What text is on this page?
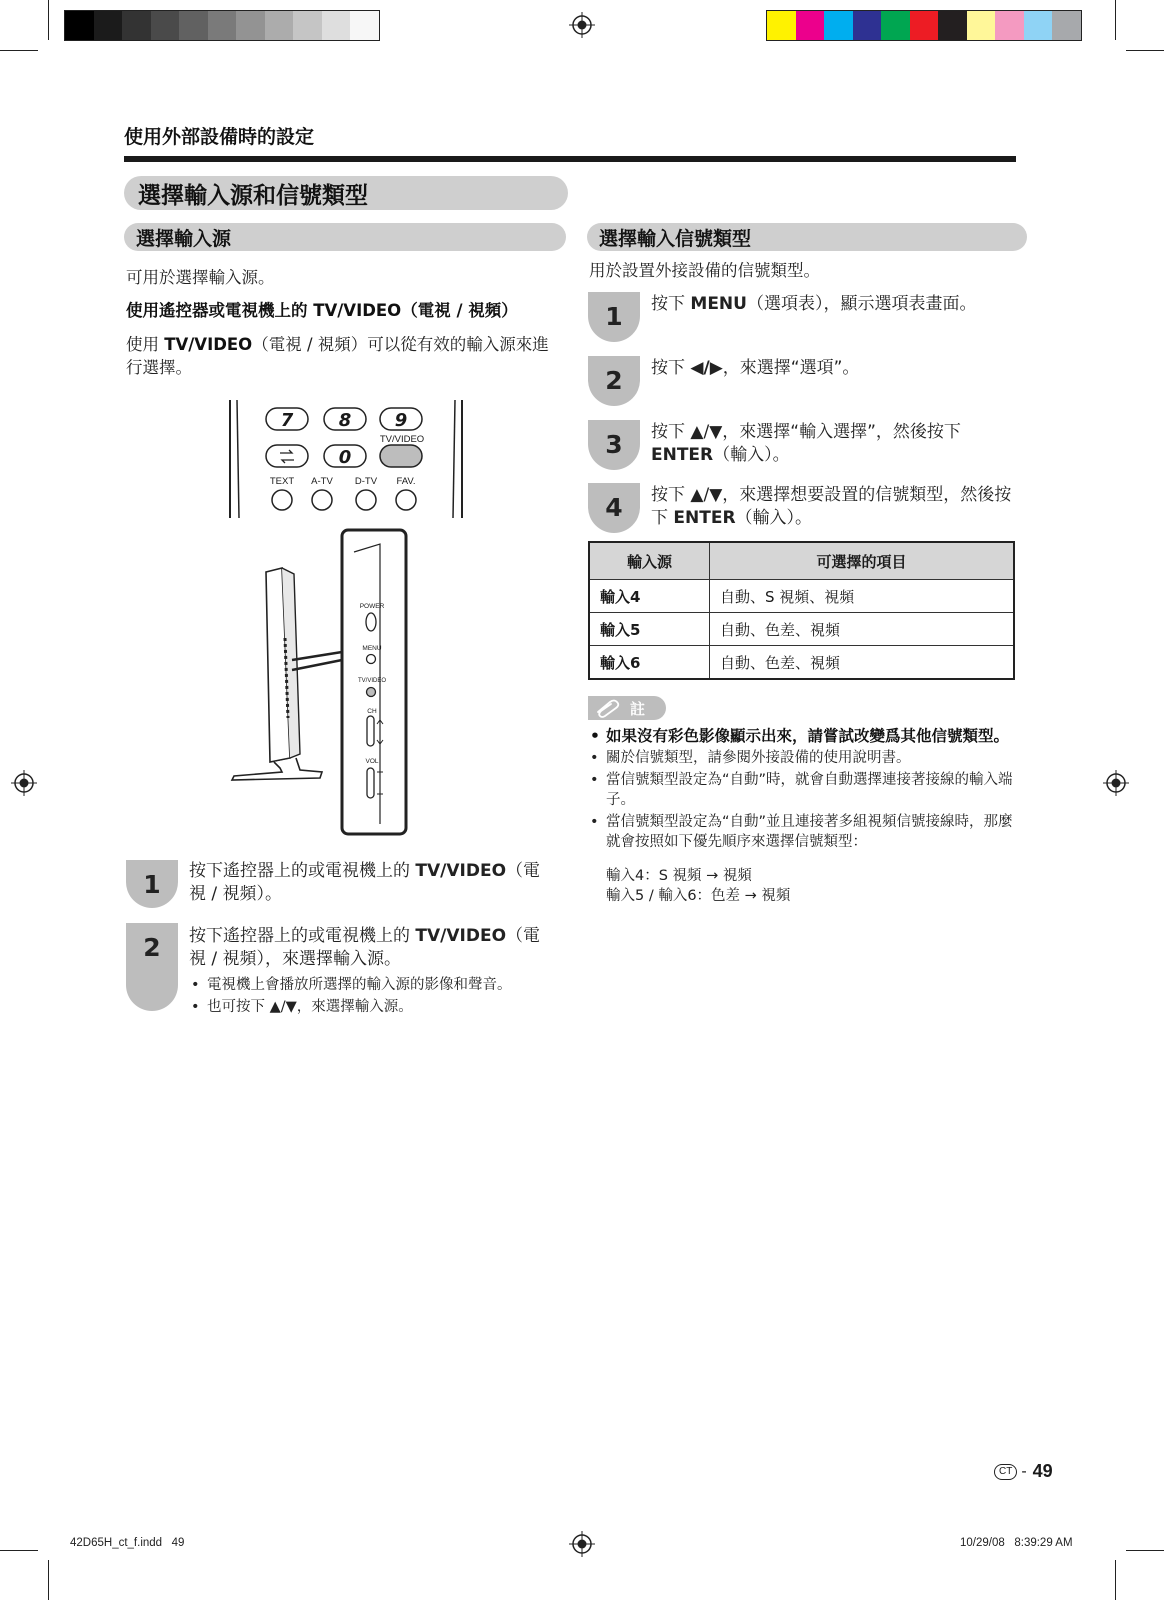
使用外部設備時的設定
選擇輸入源和信號類型
選擇輸入源
可用於選擇輸入源。
使用遙控器或電視機上的 TV/VIDEO（電視 / 視頻）
使用 TV/VIDEO（電視 / 視頻）可以從有效的輸入源來進行選擇。
7	8	9
0
TV/VIDEO
TEXT	A-TV	D-TV	FAV.
POWER
MENU
TV/VIDEO
CH
VOL
1 按下遙控器上的或電視機上的 TV/VIDEO（電視 / 視頻）。
2 按下遙控器上的或電視機上的 TV/VIDEO（電視 / 視頻），來選擇輸入源。
• 電視機上會播放所選擇的輸入源的影像和聲音。
• 也可按下 ▲/▼，來選擇輸入源。
選擇輸入信號類型
用於設置外接設備的信號類型。
1 按下 MENU（選項表），顯示選項表畫面。
2 按下 ◀/▶，來選擇“選項”。
3 按下 ▲/▼，來選擇“輸入選擇”，然後按下 ENTER（輸入）。
4 按下 ▲/▼，來選擇想要設置的信號類型，然後按下 ENTER（輸入）。
輸入源	可選擇的項目
輸入4	自動、S 視頻、視頻
輸入5	自動、色差、視頻
輸入6	自動、色差、視頻
註
• 如果沒有彩色影像顯示出來，請嘗試改變爲其他信號類型。
• 關於信號類型，請參閱外接設備的使用說明書。
• 當信號類型設定為“自動”時，就會自動選擇連接著接線的輸入端子。
• 當信號類型設定為“自動”並且連接著多組視頻信號接線時，那麼就會按照如下優先順序來選擇信號類型：
輸入4：S 視頻 → 視頻
輸入5 / 輸入6：色差 → 視頻
CT - 49
42D65H_ct_f.indd   49	10/29/08   8:39:29 AM
